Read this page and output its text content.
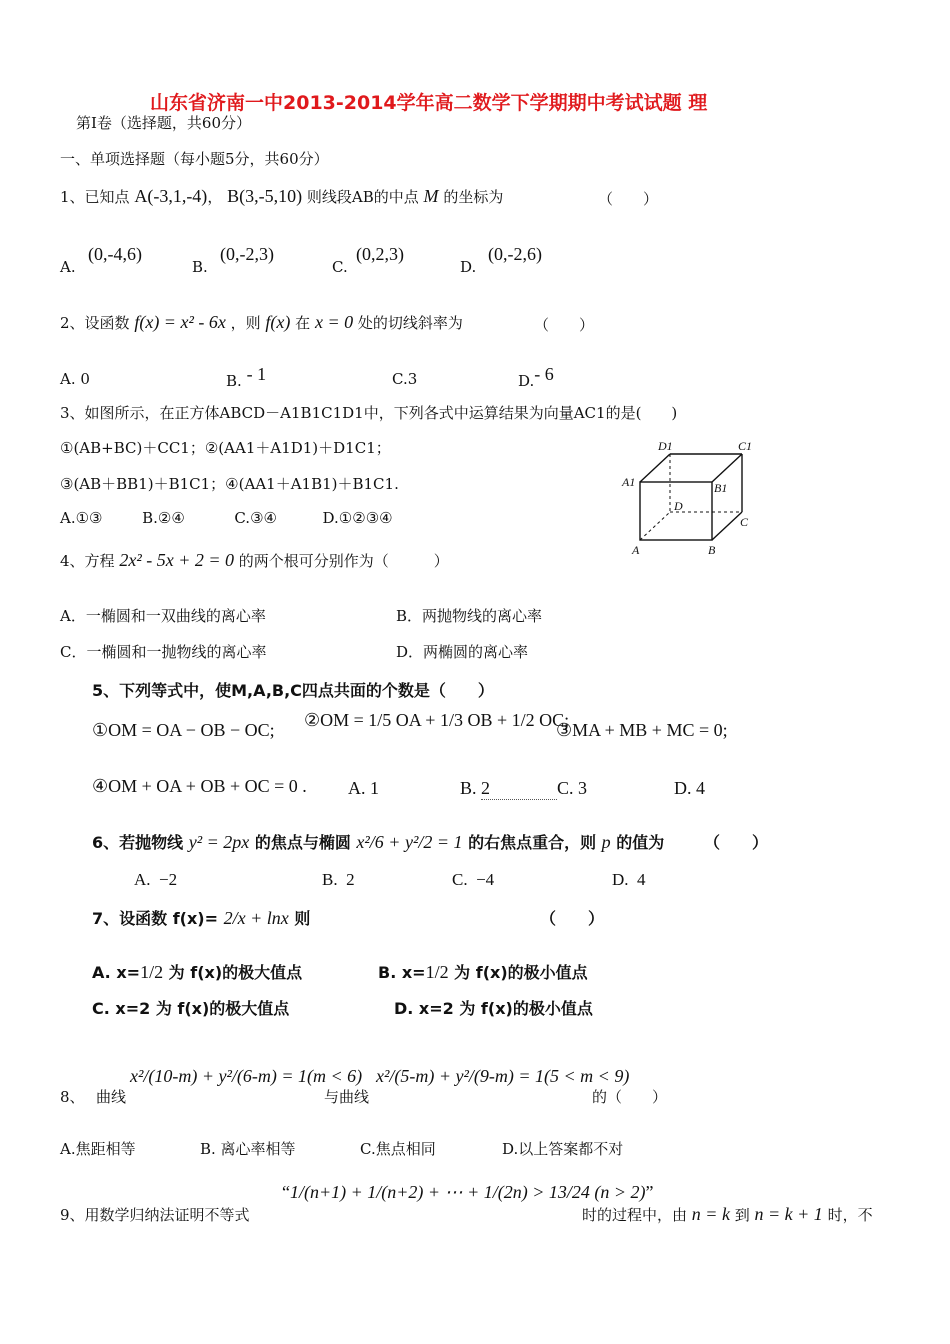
山东省济南一中2013-2014学年高二数学下学期期中考试试题 理
第Ⅰ卷（选择题，共60分）
一、单项选择题（每小题5分，共60分）
1、已知点 A(-3,1,-4)， B(3,-5,10) 则线段AB的中点 M 的坐标为	（　　）
A.
(0,-4,6)
B.
(0,-2,3)
C.
(0,2,3)
D.
(0,-2,6)
2、设函数 f(x) = x² - 6x ，则 f(x) 在 x = 0 处的切线斜率为	（　　）
A. 0	B. - 1	C.3	D.- 6
3、如图所示，在正方体ABCD－A1B1C1D1中，下列各式中运算结果为向量AC1的是(　　)
①(AB+BC)＋CC1；②(AA1＋A1D1)＋D1C1；
③(AB＋BB1)＋B1C1；④(AA1＋A1B1)＋B1C1.
A.①③	B.②④	C.③④	D.①②③④
D1	C1
A1	B1
D
C
A	B
4、方程 2x² - 5x + 2 = 0 的两个根可分别作为（　　　）
A．一椭圆和一双曲线的离心率	B．两抛物线的离心率
C．一椭圆和一抛物线的离心率	D．两椭圆的离心率
5、下列等式中，使M,A,B,C四点共面的个数是（　　）
①OM = OA − OB − OC; ②OM = 1/5 OA + 1/3 OB + 1/2 OC;
③MA + MB + MC = 0;
④OM + OA + OB + OC = 0 . A. 1	B. 2	C. 3	D. 4
6、若抛物线 y² = 2px 的焦点与椭圆 x²/6 + y²/2 = 1 的右焦点重合，则 p 的值为 （　　）
A. −2	B. 2	C. −4	D. 4
7、设函数 f(x)= 2/x + lnx 则	（　　）
A. x=1/2 为 f(x)的极大值点	B. x=1/2 为 f(x)的极小值点
C. x=2 为 f(x)的极大值点	D. x=2 为 f(x)的极小值点
8、 曲线
x²/(10-m) + y²/(6-m) = 1(m < 6)
与曲线
x²/(5-m) + y²/(9-m) = 1(5 < m < 9)
的（　　）
A.焦距相等	B. 离心率相等	C.焦点相同	D.以上答案都不对
9、用数学归纳法证明不等式
“1/(n+1) + 1/(n+2) + ⋯ + 1/(2n) > 13/24 (n > 2)”
时的过程中，由 n = k 到 n = k + 1 时，不
